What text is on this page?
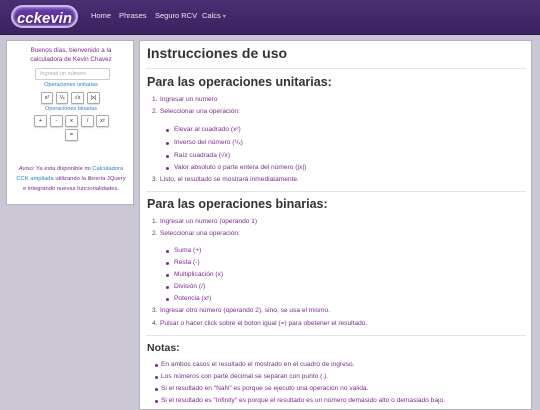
cckevin	Home Phrases Seguro RCV Calcs ▾
Buenos días, bienvenido a la
calculadora de Kevin Chavez
Ingresé un número
Operaciones unitarias
x²	¹/ₓ	√x	|x|
Operaciones binarias
+	-	x	/	xʸ
=
Aviso: Ya esta disponible mi Calculadora
CCK ampliada utilizando la librería JQuery
e integrando nuevas funcionalidades.
Instrucciones de uso
Para las operaciones unitarias:
1. Ingresar un numero
2. Seleccionar una operación:
Elevar al cuadrado (x²)
Inverso del número (¹/ₓ)
Raíz cuadrada (√x)
Valor absoluto o parte entera del número (|x|)
3. Listo, el resultado se mostrará inmediatamente.
Para las operaciones binarias:
1. Ingresar un numero (operando 1)
2. Seleccionar una operación:
Suma (+)
Resta (-)
Multiplicación (x)
División (/)
Potencia (xʸ)
3. Ingresar otro número (operando 2), sino, se usa el mismo.
4. Pulsar o hacer click sobre el boton igual (=) para obetener el resultado.
Notas:
En ambos casos el resultado el mostrado en el cuadro de ingreso.
Los números con parte decimal se separan con punto (.).
Si el resultado en "NaN" es porque se ejecuto una operación no valida.
Si el resultado es "Infinity" es porque el resultado es un número demasido alto o demasiado bajo.
